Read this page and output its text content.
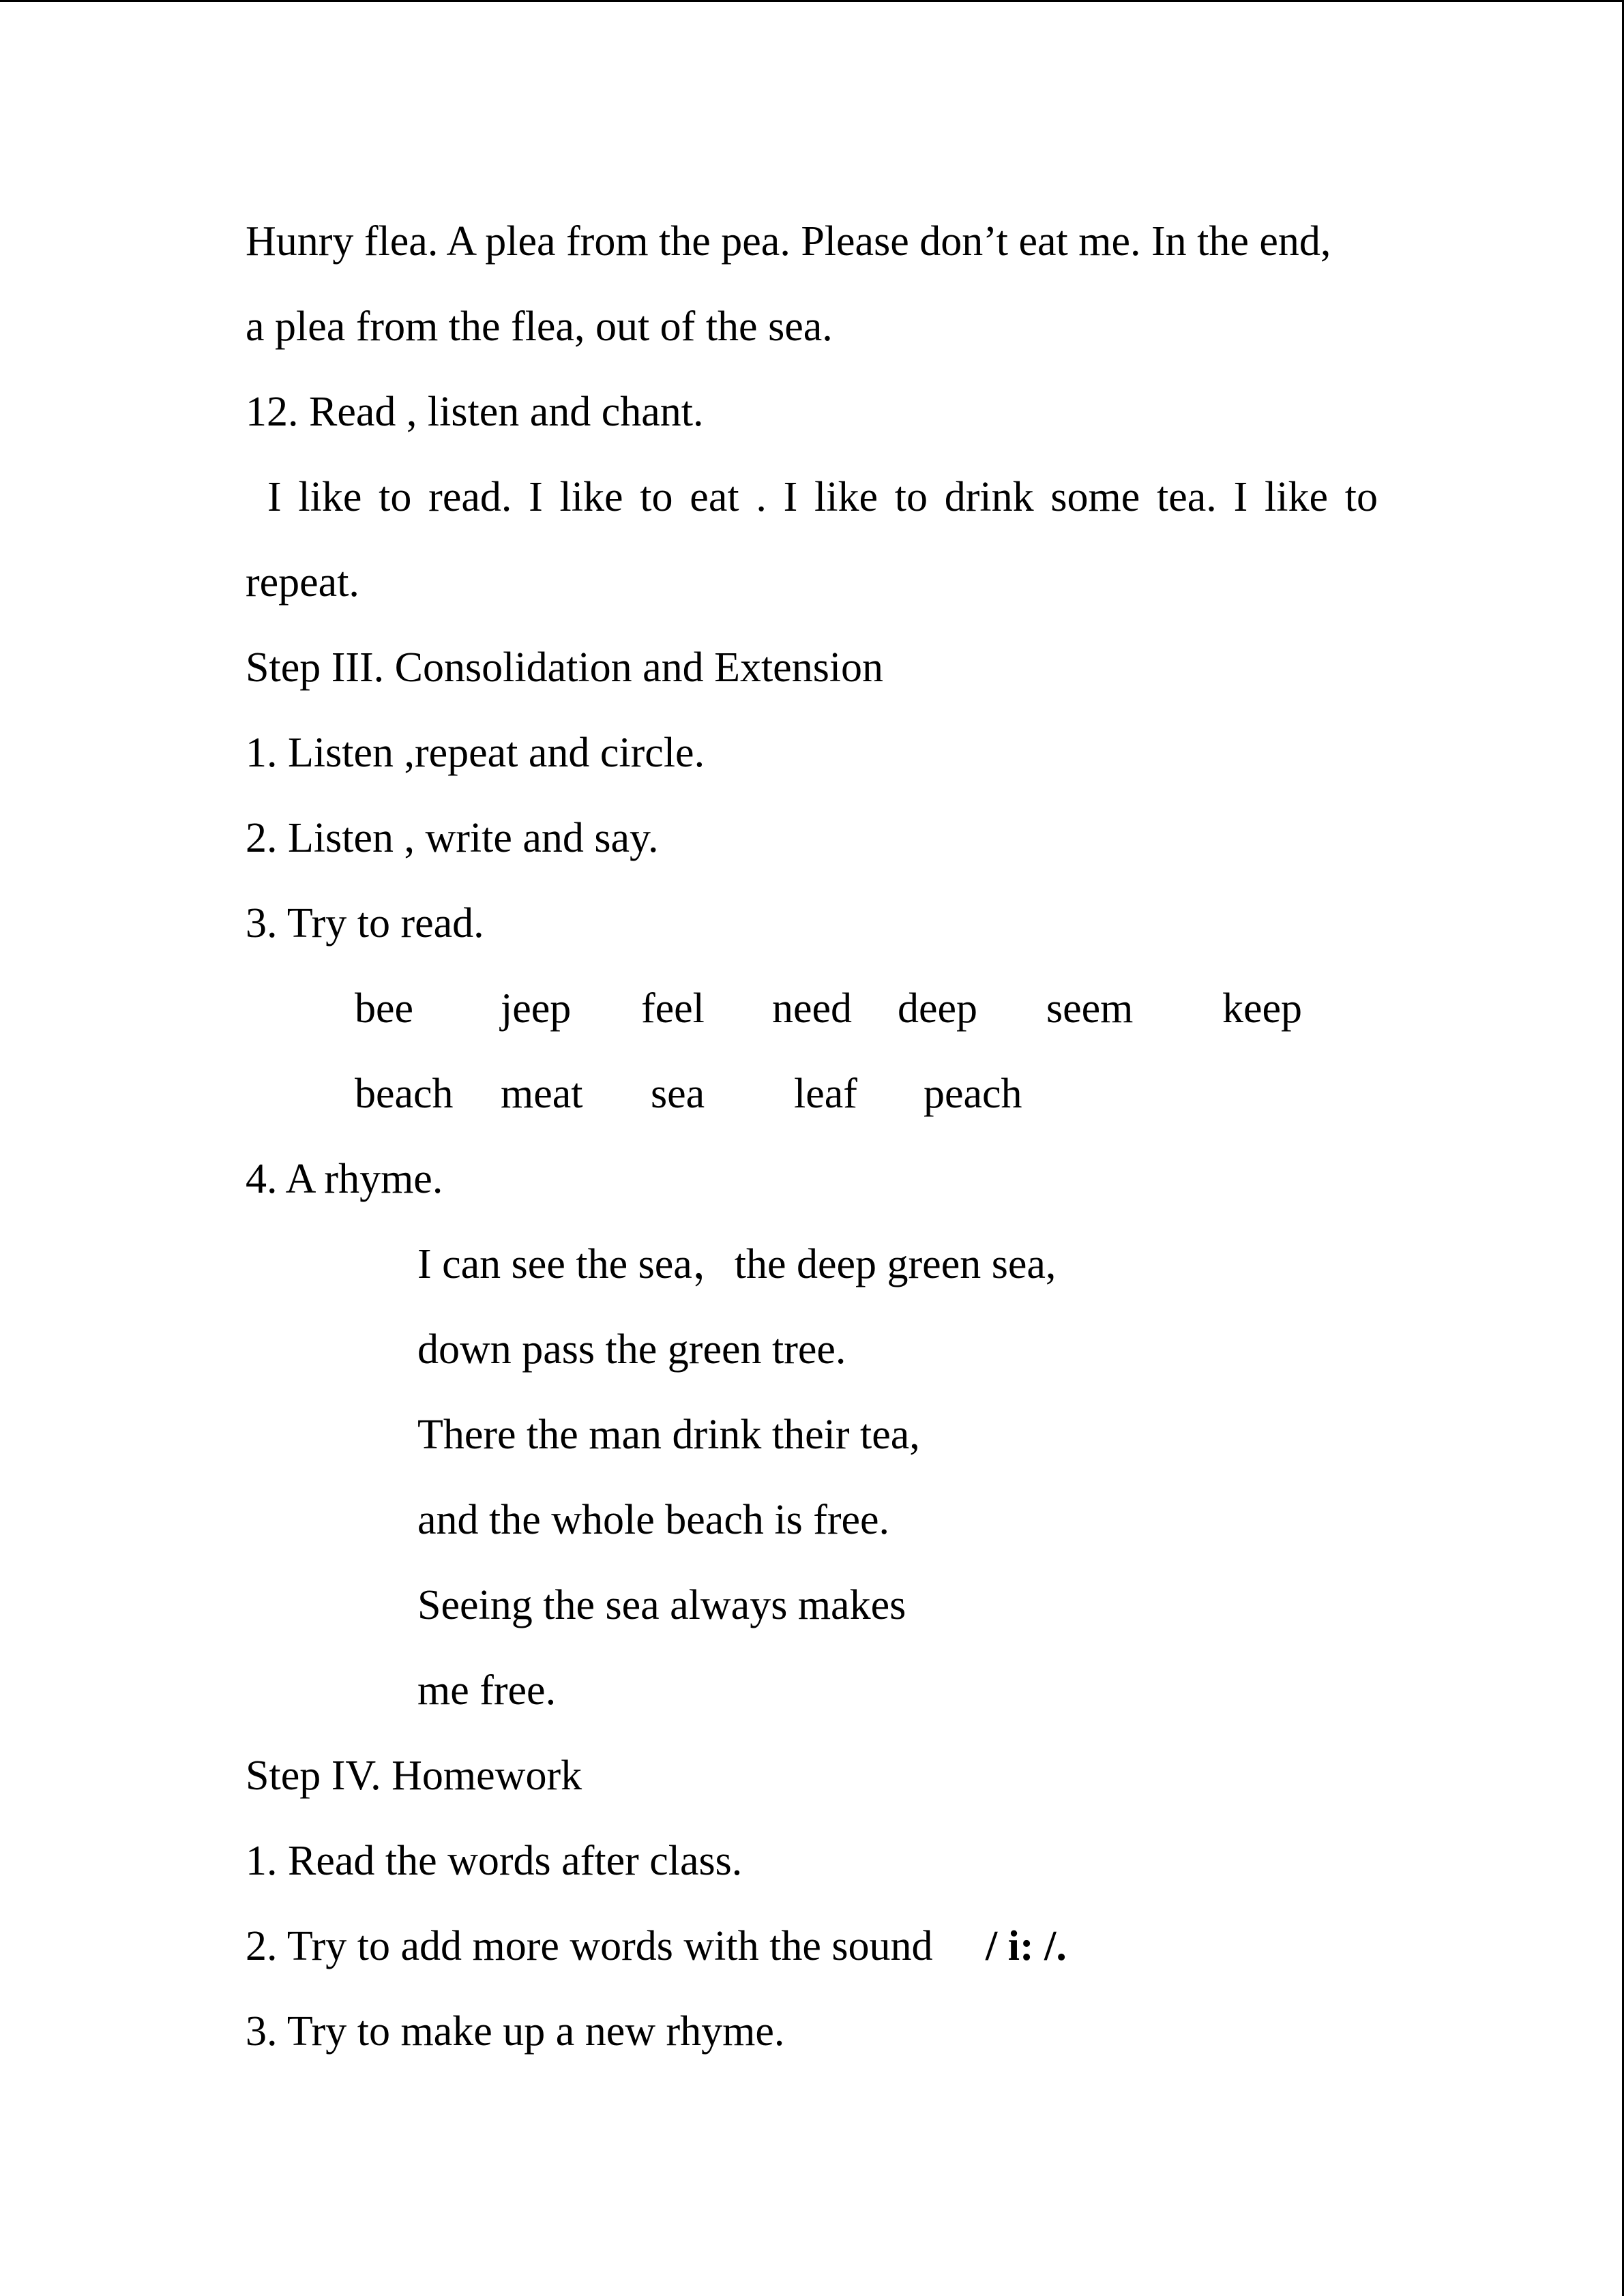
Hunry flea. A plea from the pea. Please don’t eat me. In the end,
a plea from the flea, out of the sea.
12. Read , listen and chant.
I like to read. I like to eat . I like to drink some tea. I like to
repeat.
Step III. Consolidation and Extension
1. Listen ,repeat and circle.
2. Listen , write and say.
3. Try to read.
bee jeep feel need deep seem keep
beach meat sea leaf peach
4. A rhyme.
I can see the sea，the deep green sea,
down pass the green tree.
There the man drink their tea,
and the whole beach is free.
Seeing the sea always makes
me free.
Step IV. Homework
1. Read the words after class.
2. Try to add more words with the sound / i: /.
3. Try to make up a new rhyme.
